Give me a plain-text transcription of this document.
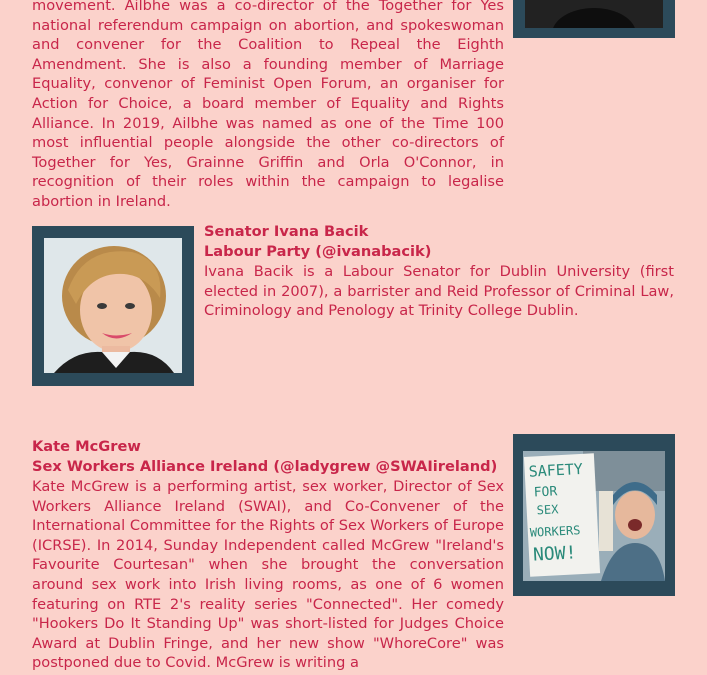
movement. Ailbhe was a co-director of the Together for Yes national referendum campaign on abortion, and spokeswoman and convener for the Coalition to Repeal the Eighth Amendment. She is also a founding member of Marriage Equality, convenor of Feminist Open Forum, an organiser for Action for Choice, a board member of Equality and Rights Alliance. In 2019, Ailbhe was named as one of the Time 100 most influential people alongside the other co-directors of Together for Yes, Grainne Griffin and Orla O'Connor, in recognition of their roles within the campaign to legalise abortion in Ireland.

Senator Ivana Bacik
Labour Party (@ivanabacik)

Ivana Bacik is a Labour Senator for Dublin University (first elected in 2007), a barrister and Reid Professor of Criminal Law, Criminology and Penology at Trinity College Dublin.

SAFETY
FOR
SEX
WORKERS
NOW!
Kate McGrew
Sex Workers Alliance Ireland (@ladygrew @SWAIireland)

Kate McGrew is a performing artist, sex worker, Director of Sex Workers Alliance Ireland (SWAI), and Co-Convener of the International Committee for the Rights of Sex Workers of Europe (ICRSE). In 2014, Sunday Independent called McGrew "Ireland's Favourite Courtesan" when she brought the conversation around sex work into Irish living rooms, as one of 6 women featuring on RTE 2's reality series "Connected". Her comedy "Hookers Do It Standing Up" was short-listed for Judges Choice Award at Dublin Fringe, and her new show "WhoreCore" was postponed due to Covid. McGrew is writing a
